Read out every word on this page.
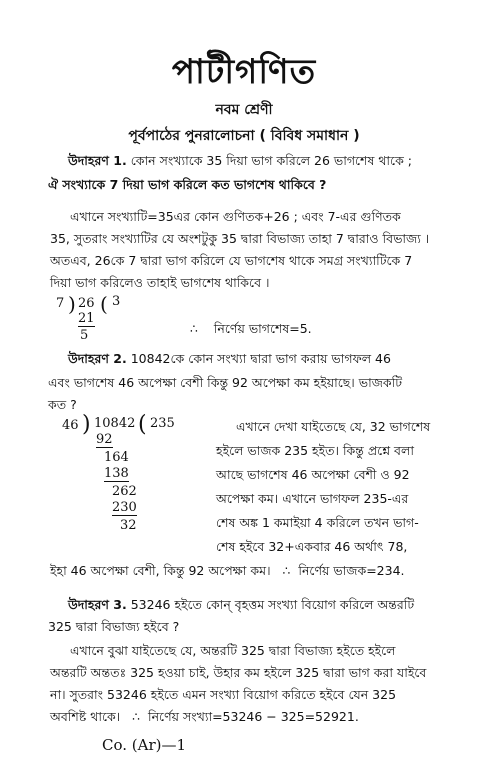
পাটীগণিত
নবম শ্রেণী
পূর্বপাঠের পুনরালোচনা ( বিবিধ সমাধান )
উদাহরণ 1. কোন সংখ্যাকে 35 দিয়া ভাগ করিলে 26 ভাগশেষ থাকে ;
ঐ সংখ্যাকে 7 দিয়া ভাগ করিলে কত ভাগশেষ থাকিবে ?
এখানে সংখ্যাটি=35এর কোন গুণিতক+26 ; এবং 7-এর গুণিতক
35, সুতরাং সংখ্যাটির যে অংশটুকু 35 দ্বারা বিভাজ্য তাহা 7 দ্বারাও বিভাজ্য ।
অতএব, 26কে 7 দ্বারা ভাগ করিলে যে ভাগশেষ থাকে সমগ্র সংখ্যাটিকে 7
দিয়া ভাগ করিলেও তাহাই ভাগশেষ থাকিবে ।
7 ) 26 ( 3
21
5	∴ নির্ণেয় ভাগশেষ=5.
উদাহরণ 2. 10842কে কোন সংখ্যা দ্বারা ভাগ করায় ভাগফল 46
এবং ভাগশেষ 46 অপেক্ষা বেশী কিন্তু 92 অপেক্ষা কম হইয়াছে। ভাজকটি
কত ?
46 ) 10842 ( 235
92
164
138
262
230
32
এখানে দেখা যাইতেছে যে, 32 ভাগশেষ
হইলে ভাজক 235 হইত। কিন্তু প্রশ্নে বলা
আছে ভাগশেষ 46 অপেক্ষা বেশী ও 92
অপেক্ষা কম। এখানে ভাগফল 235-এর
শেষ অঙ্ক 1 কমাইয়া 4 করিলে তখন ভাগ-
শেষ হইবে 32+একবার 46 অর্থাৎ 78,
ইহা 46 অপেক্ষা বেশী, কিন্তু 92 অপেক্ষা কম। ∴ নির্ণেয় ভাজক=234.
উদাহরণ 3. 53246 হইতে কোন্ বৃহত্তম সংখ্যা বিয়োগ করিলে অন্তরটি
325 দ্বারা বিভাজ্য হইবে ?
এখানে বুঝা যাইতেছে যে, অন্তরটি 325 দ্বারা বিভাজ্য হইতে হইলে
অন্তরটি অন্ততঃ 325 হওয়া চাই, উহার কম হইলে 325 দ্বারা ভাগ করা যাইবে
না। সুতরাং 53246 হইতে এমন সংখ্যা বিয়োগ করিতে হইবে যেন 325
অবশিষ্ট থাকে। ∴ নির্ণেয় সংখ্যা=53246 − 325=52921.
Co. (Ar)—1
